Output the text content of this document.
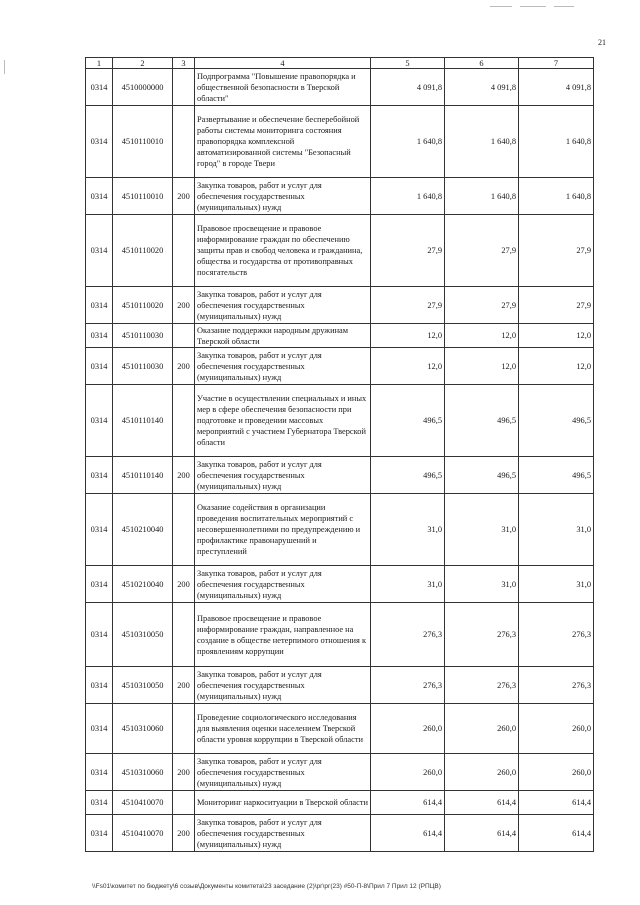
21
1	2	3	4	5	6	7
0314	4510000000		Подпрограмма "Повышение правопорядка и общественной безопасности в Тверской области"	4 091,8	4 091,8	4 091,8
0314	4510110010		Развертывание и обеспечение бесперебойной работы системы мониторинга состояния правопорядка комплексной автоматизированной системы "Безопасный город" в городе Твери	1 640,8	1 640,8	1 640,8
0314	4510110010	200	Закупка товаров, работ и услуг для обеспечения государственных (муниципальных) нужд	1 640,8	1 640,8	1 640,8
0314	4510110020		Правовое просвещение и правовое информирование граждан по обеспечению защиты прав и свобод человека и гражданина, общества и государства от противоправных посягательств	27,9	27,9	27,9
0314	4510110020	200	Закупка товаров, работ и услуг для обеспечения государственных (муниципальных) нужд	27,9	27,9	27,9
0314	4510110030		Оказание поддержки народным дружинам Тверской области	12,0	12,0	12,0
0314	4510110030	200	Закупка товаров, работ и услуг для обеспечения государственных (муниципальных) нужд	12,0	12,0	12,0
0314	4510110140		Участие в осуществлении специальных и иных мер в сфере обеспечения безопасности при подготовке и проведении массовых мероприятий с участием Губернатора Тверской области	496,5	496,5	496,5
0314	4510110140	200	Закупка товаров, работ и услуг для обеспечения государственных (муниципальных) нужд	496,5	496,5	496,5
0314	4510210040		Оказание содействия в организации проведения воспитательных мероприятий с несовершеннолетними по предупреждению и профилактике правонарушений и преступлений	31,0	31,0	31,0
0314	4510210040	200	Закупка товаров, работ и услуг для обеспечения государственных (муниципальных) нужд	31,0	31,0	31,0
0314	4510310050		Правовое просвещение и правовое информирование граждан, направленное на создание в обществе нетерпимого отношения к проявлениям коррупции	276,3	276,3	276,3
0314	4510310050	200	Закупка товаров, работ и услуг для обеспечения государственных (муниципальных) нужд	276,3	276,3	276,3
0314	4510310060		Проведение социологического исследования для выявления оценки населением Тверской области уровня коррупции в Тверской области	260,0	260,0	260,0
0314	4510310060	200	Закупка товаров, работ и услуг для обеспечения государственных (муниципальных) нужд	260,0	260,0	260,0
0314	4510410070		Мониторинг наркоситуации в Тверской области	614,4	614,4	614,4
0314	4510410070	200	Закупка товаров, работ и услуг для обеспечения государственных (муниципальных) нужд	614,4	614,4	614,4
\\Fs01\комитет по бюджету\6 созыв\Документы комитета\23 заседание (2)\рг\рг(23) #50-П-8\Прил 7 Прил 12 (РПЦВ)
